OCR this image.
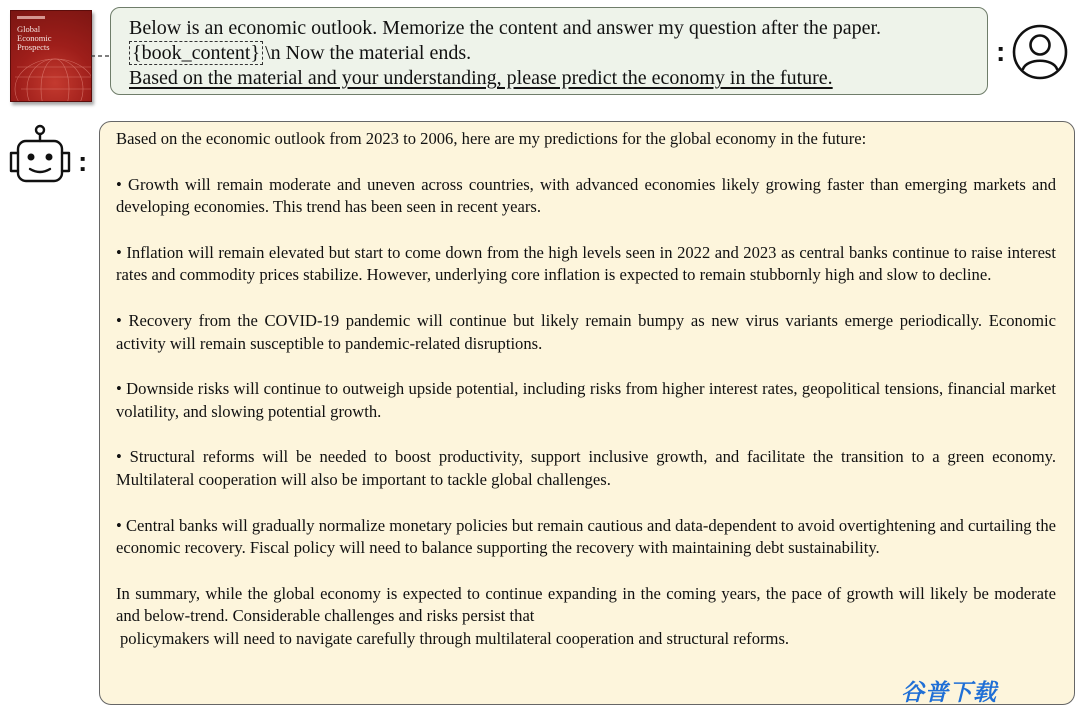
Global
Economic
Prospects
Below is an economic outlook. Memorize the content and answer my question after the paper.
{book_content} \n Now the material ends.
Based on the material and your understanding, please predict the economy in the future.
:
:

Based on the economic outlook from 2023 to 2006, here are my predictions for the global economy in the future:

• Growth will remain moderate and uneven across countries, with advanced economies likely growing faster than emerging markets and developing economies. This trend has been seen in recent years.

• Inflation will remain elevated but start to come down from the high levels seen in 2022 and 2023 as central banks continue to raise interest rates and commodity prices stabilize. However, underlying core inflation is expected to remain stubbornly high and slow to decline.

• Recovery from the COVID-19 pandemic will continue but likely remain bumpy as new virus variants emerge periodically. Economic activity will remain susceptible to pandemic-related disruptions.

• Downside risks will continue to outweigh upside potential, including risks from higher interest rates, geopolitical tensions, financial market volatility, and slowing potential growth.

• Structural reforms will be needed to boost productivity, support inclusive growth, and facilitate the transition to a green economy. Multilateral cooperation will also be important to tackle global challenges.

• Central banks will gradually normalize monetary policies but remain cautious and data-dependent to avoid overtightening and curtailing the economic recovery. Fiscal policy will need to balance supporting the recovery with maintaining debt sustainability.

In summary, while the global economy is expected to continue expanding in the coming years, the pace of growth will likely be moderate and below-trend. Considerable challenges and risks persist that
policymakers will need to navigate carefully through multilateral cooperation and structural reforms.

谷普下载
